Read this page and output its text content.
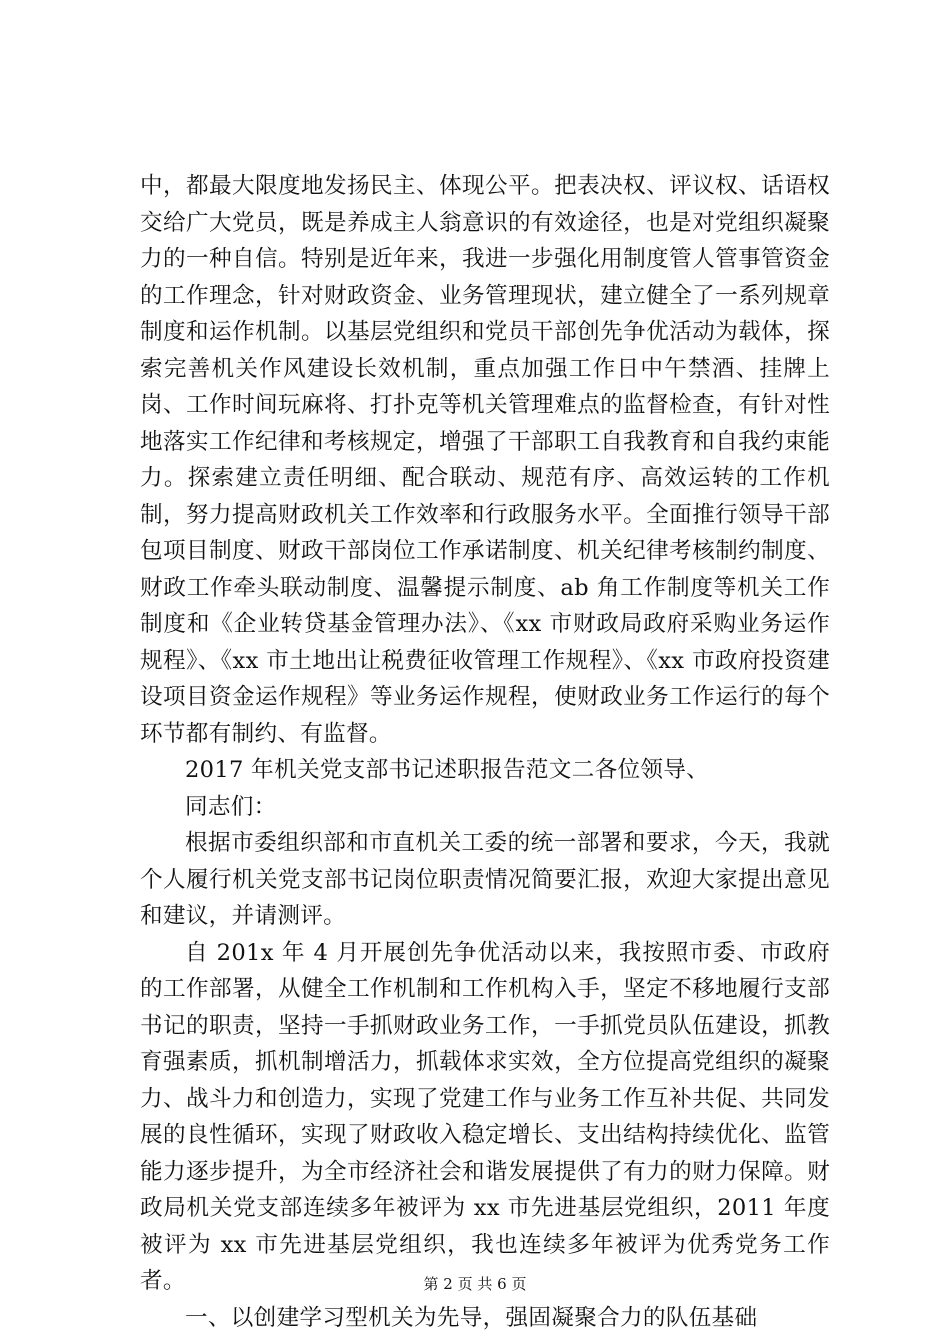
中，都最大限度地发扬民主、体现公平。把表决权、评议权、话语权交给广大党员，既是养成主人翁意识的有效途径，也是对党组织凝聚力的一种自信。特别是近年来，我进一步强化用制度管人管事管资金的工作理念，针对财政资金、业务管理现状，建立健全了一系列规章制度和运作机制。以基层党组织和党员干部创先争优活动为载体，探索完善机关作风建设长效机制，重点加强工作日中午禁酒、挂牌上岗、工作时间玩麻将、打扑克等机关管理难点的监督检查，有针对性地落实工作纪律和考核规定，增强了干部职工自我教育和自我约束能力。探索建立责任明细、配合联动、规范有序、高效运转的工作机制，努力提高财政机关工作效率和行政服务水平。全面推行领导干部包项目制度、财政干部岗位工作承诺制度、机关纪律考核制约制度、财政工作牵头联动制度、温馨提示制度、ab 角工作制度等机关工作制度和《企业转贷基金管理办法》、《xx 市财政局政府采购业务运作规程》、《xx 市土地出让税费征收管理工作规程》、《xx 市政府投资建设项目资金运作规程》等业务运作规程，使财政业务工作运行的每个环节都有制约、有监督。

2017 年机关党支部书记述职报告范文二各位领导、

同志们：

根据市委组织部和市直机关工委的统一部署和要求，今天，我就个人履行机关党支部书记岗位职责情况简要汇报，欢迎大家提出意见和建议，并请测评。

自 201x 年 4 月开展创先争优活动以来，我按照市委、市政府的工作部署，从健全工作机制和工作机构入手，坚定不移地履行支部书记的职责，坚持一手抓财政业务工作，一手抓党员队伍建设，抓教育强素质，抓机制增活力，抓载体求实效，全方位提高党组织的凝聚力、战斗力和创造力，实现了党建工作与业务工作互补共促、共同发展的良性循环，实现了财政收入稳定增长、支出结构持续优化、监管能力逐步提升，为全市经济社会和谐发展提供了有力的财力保障。财政局机关党支部连续多年被评为 xx 市先进基层党组织，2011 年度被评为 xx 市先进基层党组织，我也连续多年被评为优秀党务工作者。

一、以创建学习型机关为先导，强固凝聚合力的队伍基础

第 2 页 共 6 页
